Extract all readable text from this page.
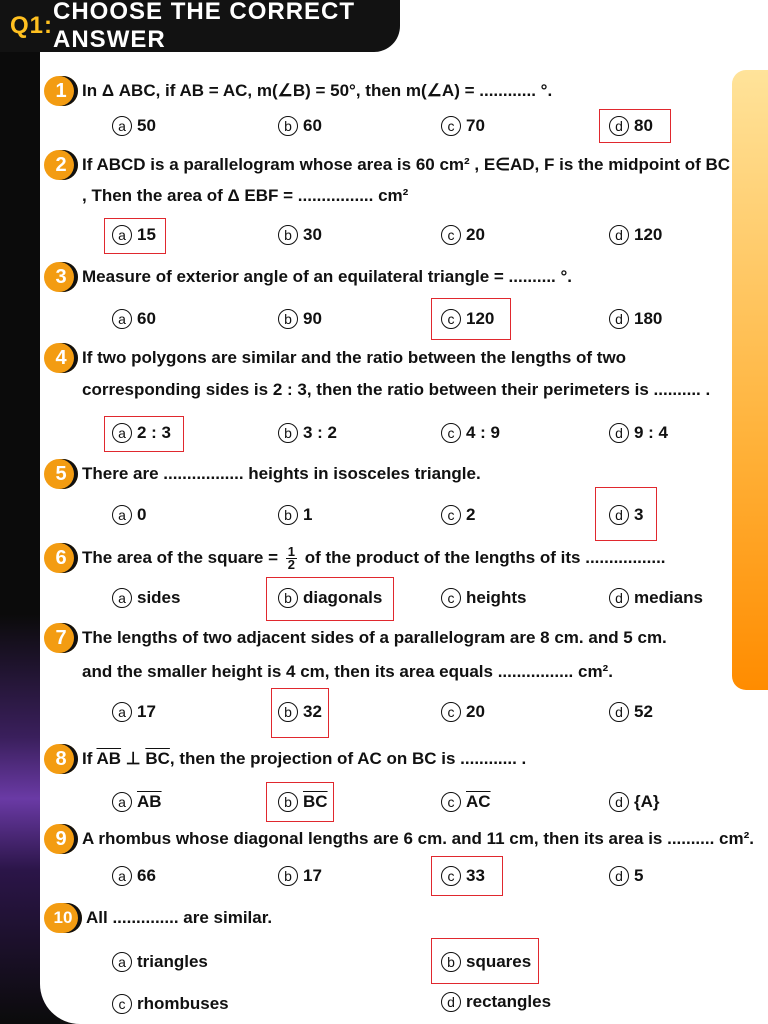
Q1:
CHOOSE THE CORRECT ANSWER
1 In Δ ABC, if AB = AC, m(∠B) = 50°, then m(∠A) = ............ °.
a 50	b 60	c 70	d 80
2 If ABCD is a parallelogram whose area is 60 cm² , E∈AD, F is the midpoint of BC
, Then the area of Δ EBF = ................ cm²
a 15	b 30	c 20	d 120
3 Measure of exterior angle of an equilateral triangle = .......... °.
a 60	b 90	c 120	d 180
4 If two polygons are similar and the ratio between the lengths of two
corresponding sides is 2 : 3, then the ratio between their perimeters is .......... .
a 2 : 3	b 3 : 2	c 4 : 9	d 9 : 4
5 There are ................. heights in isosceles triangle.
a 0	b 1	c 2	d 3
6 The area of the square = $\frac{1}{2}$ of the product of the lengths of its .................
a sides	b diagonals	c heights	d medians
7 The lengths of two adjacent sides of a parallelogram are 8 cm. and 5 cm.
and the smaller height is 4 cm, then its area equals ................ cm².
a 17	b 32	c 20	d 52
8 If $\overline{AB}$ ⊥ $\overline{BC}$, then the projection of AC on BC is ............ .
a $\overline{AB}$	b $\overline{BC}$	c $\overline{AC}$	d {A}
9 A rhombus whose diagonal lengths are 6 cm. and 11 cm, then its area is .......... cm².
a 66	b 17	c 33	d 5
10 All .............. are similar.
a triangles	b squares
c rhombuses	d rectangles
